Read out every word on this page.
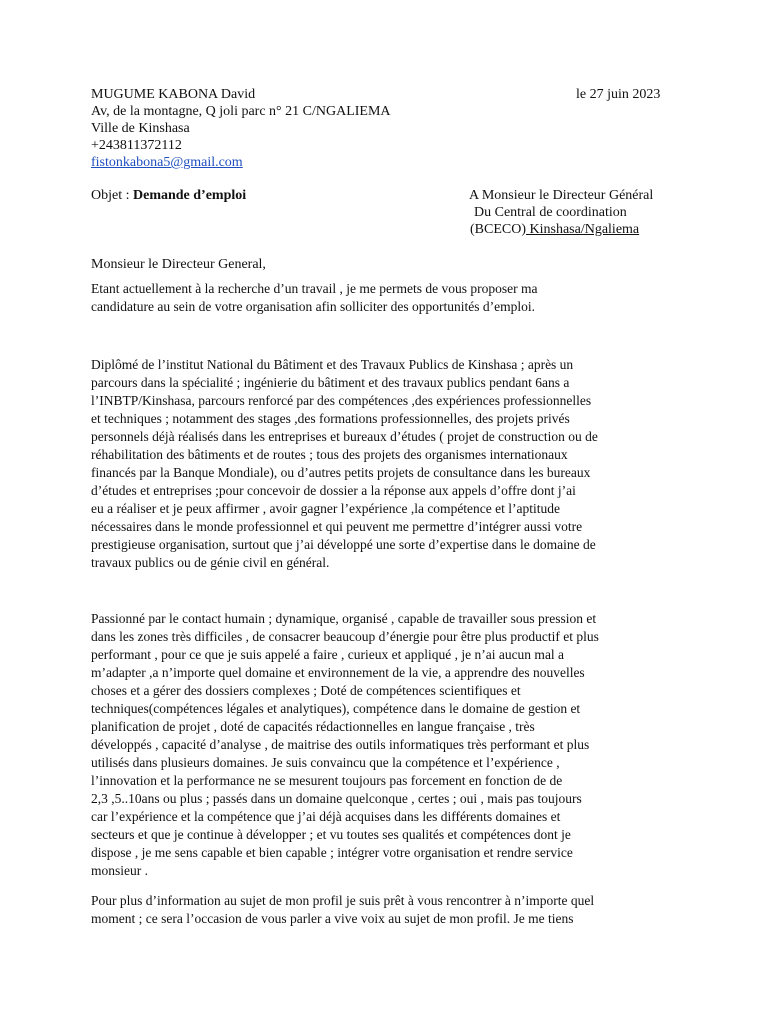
MUGUME KABONA David
Av, de la montagne, Q joli parc n° 21 C/NGALIEMA
Ville de Kinshasa
+243811372112
fistonkabona5@gmail.com
le 27 juin 2023
Objet : Demande d’emploi	A Monsieur le Directeur Général
Du Central de coordination
(BCECO) Kinshasa/Ngaliema
Monsieur le Directeur General,
Etant actuellement à la recherche d’un travail , je me permets de vous proposer ma
candidature au sein de votre organisation afin solliciter des opportunités d’emploi.
Diplômé de l’institut National du Bâtiment et des Travaux Publics de Kinshasa ; après un
parcours dans la spécialité ; ingénierie du bâtiment et des travaux publics pendant 6ans a
l’INBTP/Kinshasa, parcours renforcé par des compétences ,des expériences professionnelles
et techniques ; notamment des stages ,des formations professionnelles, des projets privés
personnels déjà réalisés dans les entreprises et bureaux d’études ( projet de construction ou de
réhabilitation des bâtiments et de routes ; tous des projets des organismes internationaux
financés par la Banque Mondiale), ou d’autres petits projets de consultance dans les bureaux
d’études et entreprises ;pour concevoir de dossier a la réponse aux appels d’offre dont j’ai
eu a réaliser et je peux affirmer , avoir gagner l’expérience ,la compétence et l’aptitude
nécessaires dans le monde professionnel et qui peuvent me permettre d’intégrer aussi votre
prestigieuse organisation, surtout que j’ai développé une sorte d’expertise dans le domaine de
travaux publics ou de génie civil en général.
Passionné par le contact humain ; dynamique, organisé , capable de travailler sous pression et
dans les zones très difficiles , de consacrer beaucoup d’énergie pour être plus productif et plus
performant , pour ce que je suis appelé a faire , curieux et appliqué , je n’ai aucun mal a
m’adapter ,a n’importe quel domaine et environnement de la vie, a apprendre des nouvelles
choses et a gérer des dossiers complexes ; Doté de compétences scientifiques et
techniques(compétences légales et analytiques), compétence dans le domaine de gestion et
planification de projet , doté de capacités rédactionnelles en langue française , très
développés , capacité d’analyse , de maitrise des outils informatiques très performant et plus
utilisés dans plusieurs domaines. Je suis convaincu que la compétence et l’expérience ,
l’innovation et la performance ne se mesurent toujours pas forcement en fonction de de
2,3 ,5..10ans ou plus ; passés dans un domaine quelconque , certes ; oui , mais pas toujours
car l’expérience et la compétence que j’ai déjà acquises dans les différents domaines et
secteurs et que je continue à développer ; et vu toutes ses qualités et compétences dont je
dispose , je me sens capable et bien capable ; intégrer votre organisation et rendre service
monsieur .
Pour plus d’information au sujet de mon profil je suis prêt à vous rencontrer à n’importe quel
moment ; ce sera l’occasion de vous parler a vive voix au sujet de mon profil. Je me tiens
